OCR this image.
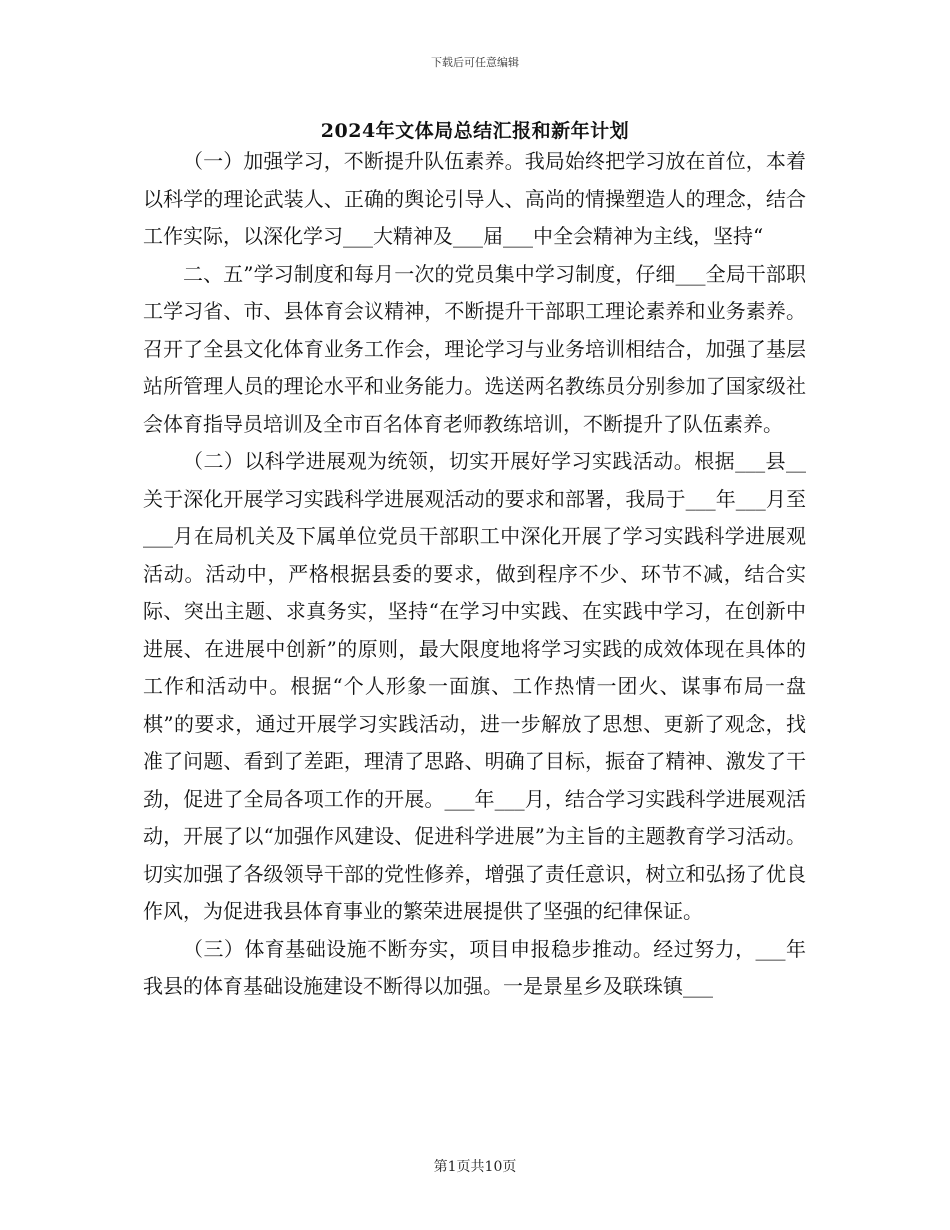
下载后可任意编辑
2024年文体局总结汇报和新年计划

（一）加强学习，不断提升队伍素养。我局始终把学习放在首位，本着以科学的理论武装人、正确的舆论引导人、高尚的情操塑造人的理念，结合工作实际，以深化学习___大精神及___届___中全会精神为主线，坚持“

二、五”学习制度和每月一次的党员集中学习制度，仔细___全局干部职工学习省、市、县体育会议精神，不断提升干部职工理论素养和业务素养。召开了全县文化体育业务工作会，理论学习与业务培训相结合，加强了基层站所管理人员的理论水平和业务能力。选送两名教练员分别参加了国家级社会体育指导员培训及全市百名体育老师教练培训，不断提升了队伍素养。

（二）以科学进展观为统领，切实开展好学习实践活动。根据___县__关于深化开展学习实践科学进展观活动的要求和部署，我局于___年___月至___月在局机关及下属单位党员干部职工中深化开展了学习实践科学进展观活动。活动中，严格根据县委的要求，做到程序不少、环节不减，结合实际、突出主题、求真务实，坚持“在学习中实践、在实践中学习，在创新中进展、在进展中创新”的原则，最大限度地将学习实践的成效体现在具体的工作和活动中。根据“个人形象一面旗、工作热情一团火、谋事布局一盘棋”的要求，通过开展学习实践活动，进一步解放了思想、更新了观念，找准了问题、看到了差距，理清了思路、明确了目标，振奋了精神、激发了干劲，促进了全局各项工作的开展。___年___月，结合学习实践科学进展观活动，开展了以“加强作风建设、促进科学进展”为主旨的主题教育学习活动。切实加强了各级领导干部的党性修养，增强了责任意识，树立和弘扬了优良作风，为促进我县体育事业的繁荣进展提供了坚强的纪律保证。

（三）体育基础设施不断夯实，项目申报稳步推动。经过努力，___年我县的体育基础设施建设不断得以加强。一是景星乡及联珠镇___

第1页共10页
